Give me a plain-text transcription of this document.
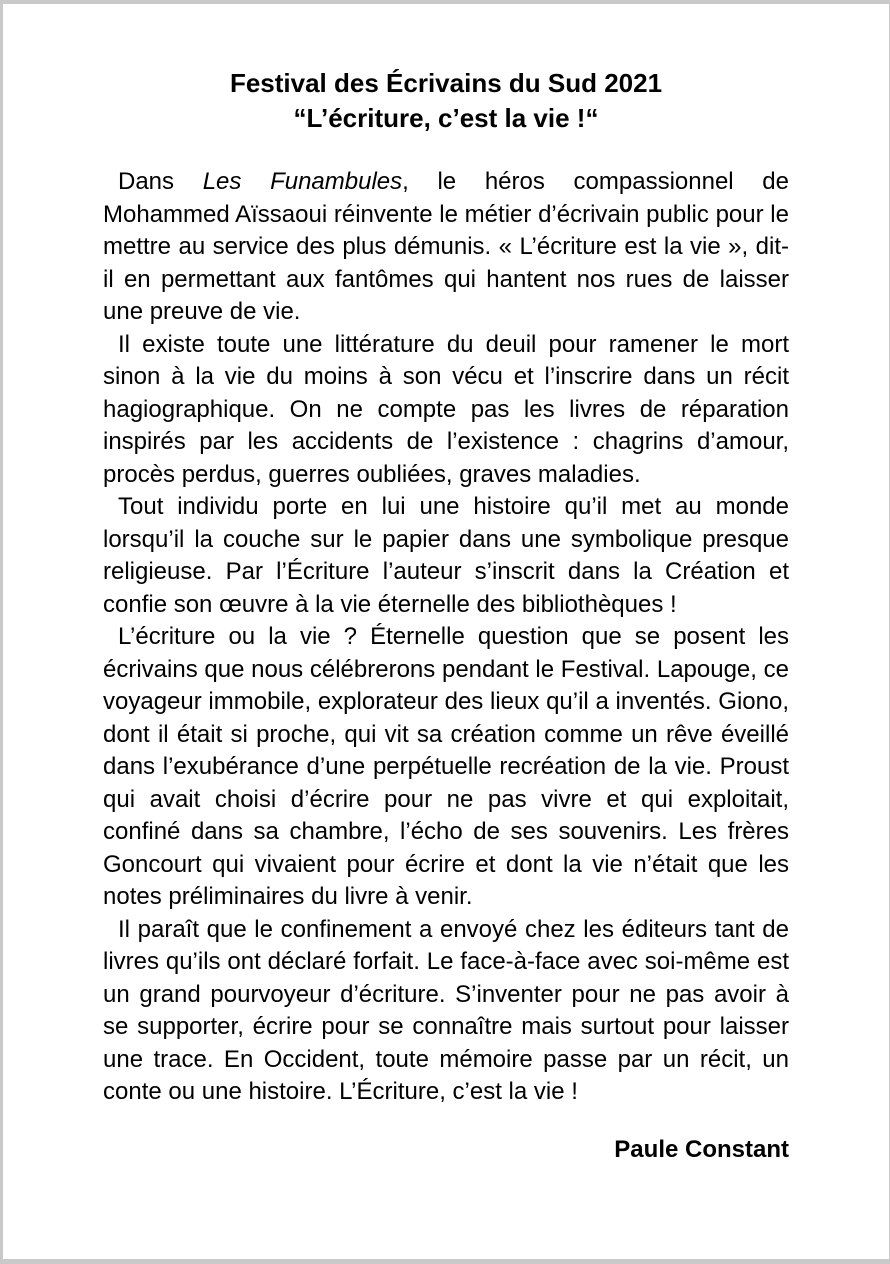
Festival des Écrivains du Sud 2021
“L’écriture, c’est la vie !“

Dans Les Funambules, le héros compassionnel de Mohammed Aïssaoui réinvente le métier d’écrivain public pour le mettre au service des plus démunis. « L’écriture est la vie », dit-il en permettant aux fantômes qui hantent nos rues de laisser une preuve de vie.

Il existe toute une littérature du deuil pour ramener le mort sinon à la vie du moins à son vécu et l’inscrire dans un récit hagiographique. On ne compte pas les livres de réparation inspirés par les accidents de l’existence : chagrins d’amour, procès perdus, guerres oubliées, graves maladies.

Tout individu porte en lui une histoire qu’il met au monde lorsqu’il la couche sur le papier dans une symbolique presque religieuse. Par l’Écriture l’auteur s’inscrit dans la Création et confie son œuvre à la vie éternelle des bibliothèques !

L’écriture ou la vie ? Éternelle question que se posent les écrivains que nous célébrerons pendant le Festival. Lapouge, ce voyageur immobile, explorateur des lieux qu’il a inventés. Giono, dont il était si proche, qui vit sa création comme un rêve éveillé dans l’exubérance d’une perpétuelle recréation de la vie. Proust qui avait choisi d’écrire pour ne pas vivre et qui exploitait, confiné dans sa chambre, l’écho de ses souvenirs. Les frères Goncourt qui vivaient pour écrire et dont la vie n’était que les notes préliminaires du livre à venir.

Il paraît que le confinement a envoyé chez les éditeurs tant de livres qu’ils ont déclaré forfait. Le face-à-face avec soi-même est un grand pourvoyeur d’écriture. S’inventer pour ne pas avoir à se supporter, écrire pour se connaître mais surtout pour laisser une trace. En Occident, toute mémoire passe par un récit, un conte ou une histoire. L’Écriture, c’est la vie !

Paule Constant
